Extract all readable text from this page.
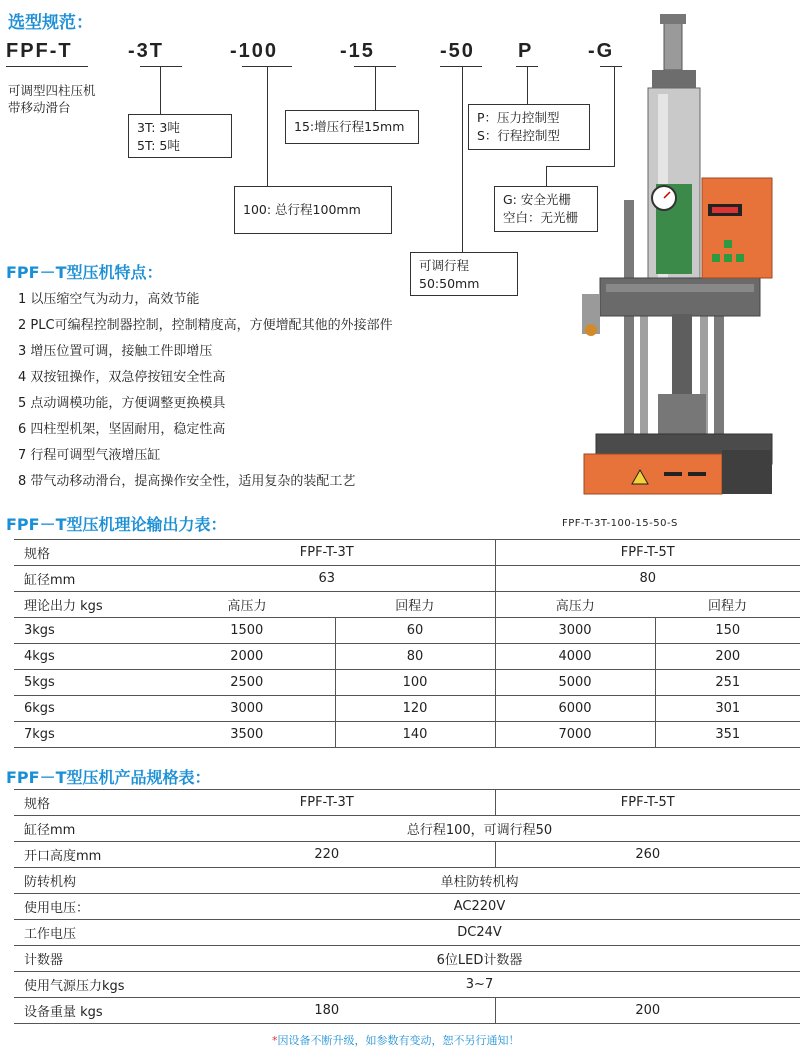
选型规范：
FPF-T	-3T	-100	-15	-50 P	-G
可调型四柱压机
带移动滑台
3T: 3吨
5T: 5吨
15:增压行程15mm
P：压力控制型
S：行程控制型
100: 总行程100mm
G: 安全光栅
空白：无光栅
可调行程
50:50mm
FPF－T型压机特点：
1 以压缩空气为动力，高效节能
2 PLC可编程控制器控制，控制精度高，方便增配其他的外接部件
3 增压位置可调，接触工件即增压
4 双按钮操作，双急停按钮安全性高
5 点动调模功能，方便调整更换模具
6 四柱型机架，坚固耐用，稳定性高
7 行程可调型气液增压缸
8 带气动移动滑台，提高操作安全性，适用复杂的装配工艺
FPF-T-3T-100-15-50-S
FPF－T型压机理论输出力表：
规格	FPF-T-3T		FPF-T-5T	
缸径mm	63		80	
理论出力 kgs	高压力	回程力	高压力	回程力
3kgs	1500	60	3000	150
4kgs	2000	80	4000	200
5kgs	2500	100	5000	251
6kgs	3000	120	6000	301
7kgs	3500	140	7000	351
FPF－T型压机产品规格表：
规格	FPF-T-3T	FPF-T-5T
缸径mm	总行程100，可调行程50	
开口高度mm	220	260
防转机构	单柱防转机构	
使用电压：	AC220V	
工作电压	DC24V	
计数器	6位LED计数器	
使用气源压力kgs	3~7	
设备重量 kgs	180	200
*因设备不断升级，如参数有变动，恕不另行通知！
